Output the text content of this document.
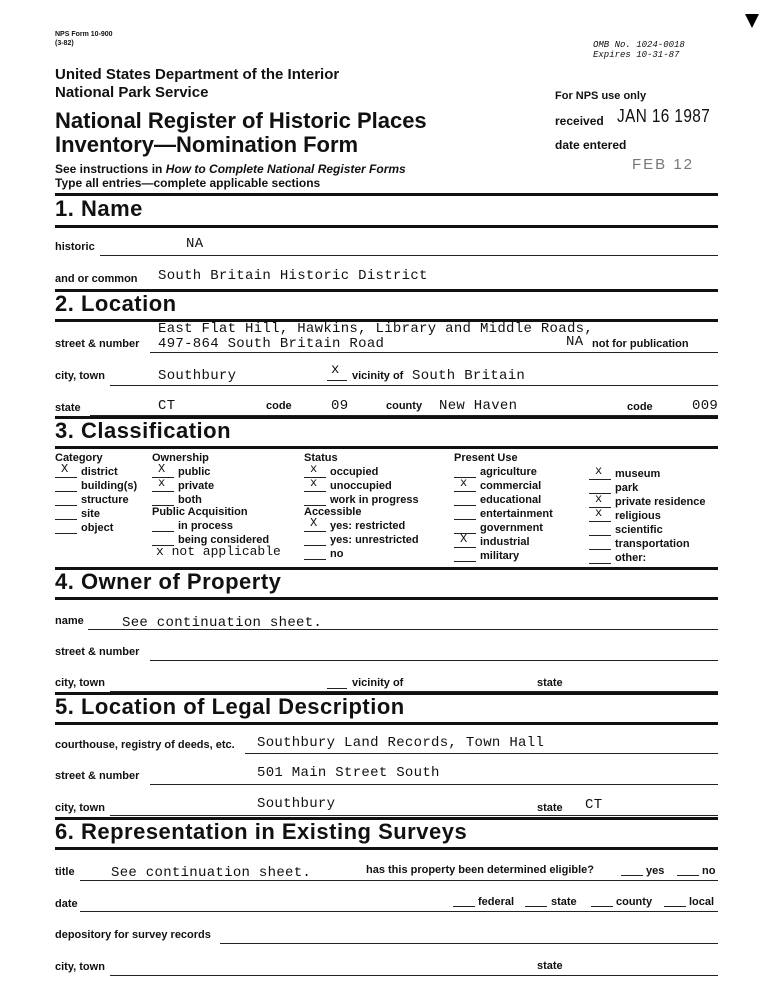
NPS Form 10-900
(3-82)	OMB No. 1024-0018
Expires 10-31-87
United States Department of the Interior
National Park Service
National Register of Historic Places
Inventory—Nomination Form
See instructions in How to Complete National Register Forms
Type all entries—complete applicable sections
For NPS use only
received JAN 16 1987
date entered
FEB 12
1. Name
historic	NA
and or common South Britain Historic District
2. Location
East Flat Hill, Hawkins, Library and Middle Roads,
street & number 497-864 South Britain Road	NA not for publication
city, town	Southbury	x vicinity of South Britain
state	CT	code	09	county New Haven	code	009
3. Classification
Category
X district
building(s)
structure
site
object
Ownership
X public
x private
both
Public Acquisition
in process
being considered
x not applicable
Status
x occupied
x unoccupied
work in progress
Accessible
X yes: restricted
yes: unrestricted
no
Present Use
agriculture
x commercial
educational
entertainment
government
X industrial
military
x museum
park
x private residence
x religious
scientific
transportation
other:
4. Owner of Property
name	See continuation sheet.
street & number
city, town	vicinity of	state
5. Location of Legal Description
courthouse, registry of deeds, etc. Southbury Land Records, Town Hall
street & number	501 Main Street South
city, town	Southbury	state CT
6. Representation in Existing Surveys
title	See continuation sheet.	has this property been determined eligible?	yes	no
date	federal	state	county	local
depository for survey records
city, town	state
